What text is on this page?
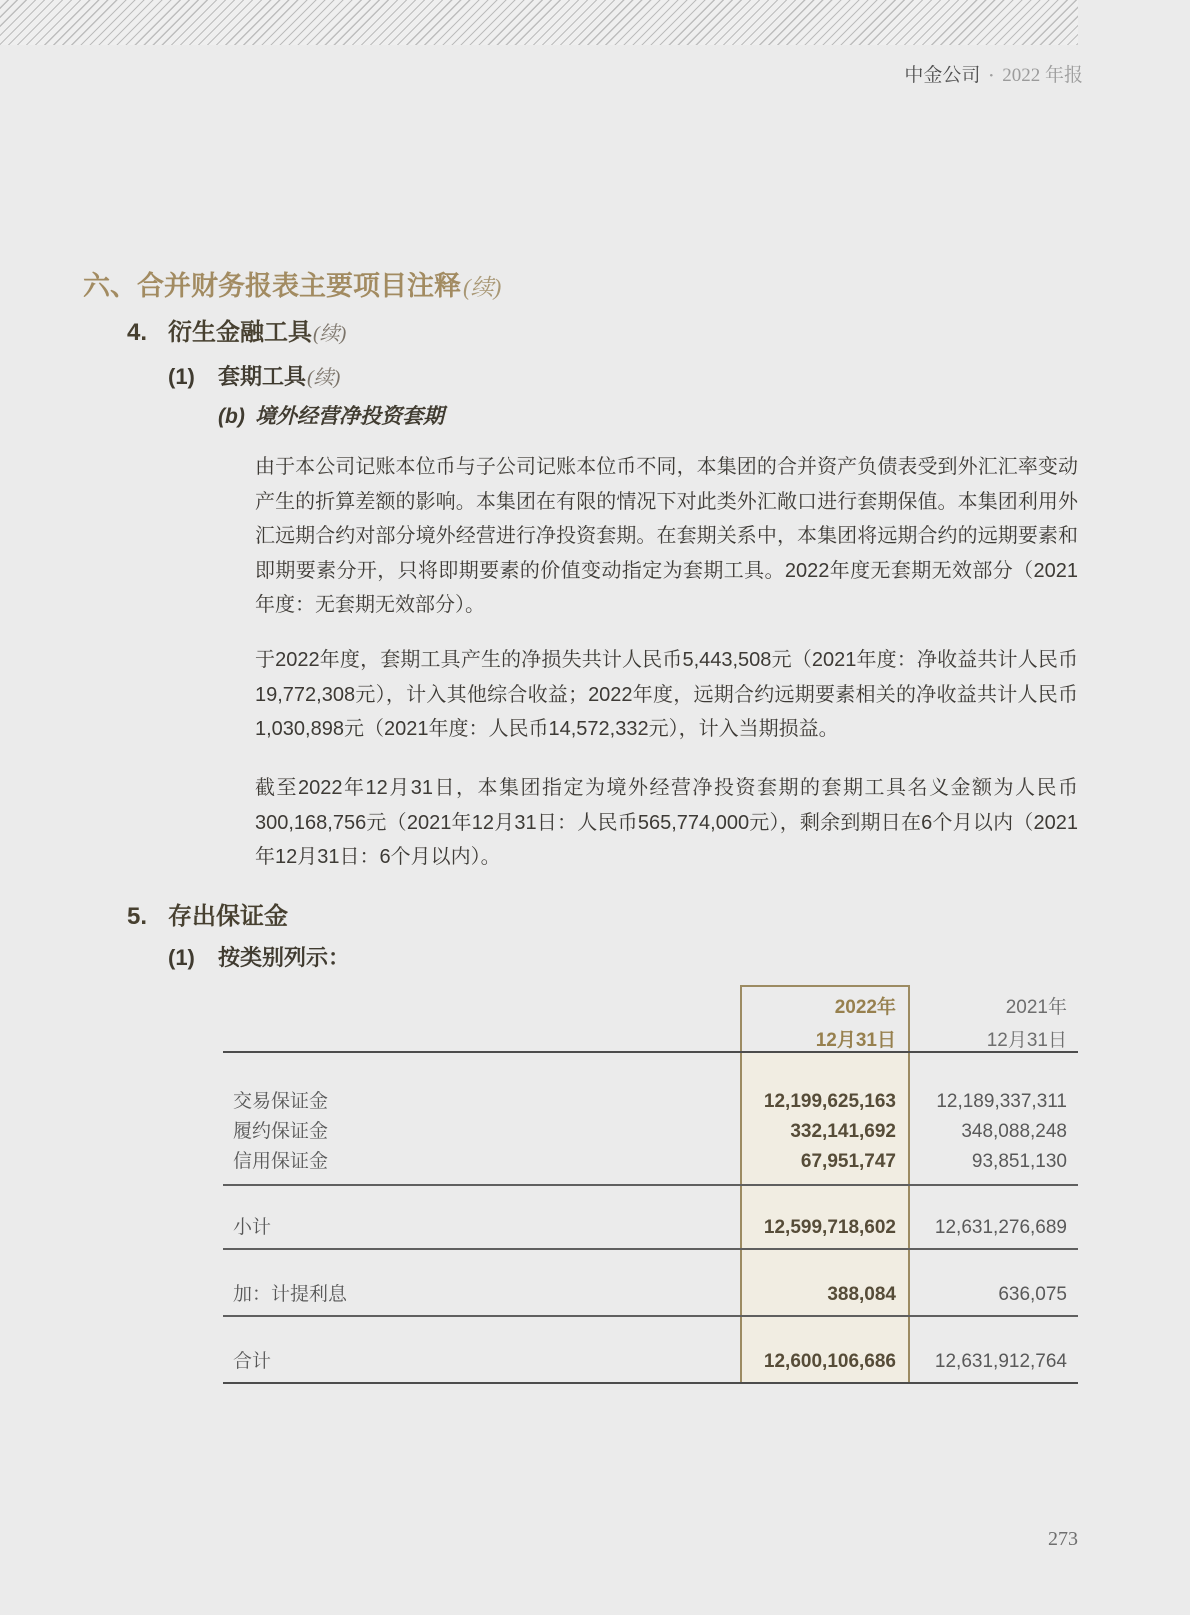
中金公司 • 2022 年报
六、合并财务报表主要项目注释(续)
4. 衍生金融工具(续)
(1) 套期工具(续)
(b) 境外经营净投资套期
由于本公司记账本位币与子公司记账本位币不同，本集团的合并资产负债表受到外汇汇率变动产生的折算差额的影响。本集团在有限的情况下对此类外汇敞口进行套期保值。本集团利用外汇远期合约对部分境外经营进行净投资套期。在套期关系中，本集团将远期合约的远期要素和即期要素分开，只将即期要素的价值变动指定为套期工具。2022年度无套期无效部分（2021年度：无套期无效部分）。
于2022年度，套期工具产生的净损失共计人民币5,443,508元（2021年度：净收益共计人民币19,772,308元），计入其他综合收益；2022年度，远期合约远期要素相关的净收益共计人民币1,030,898元（2021年度：人民币14,572,332元），计入当期损益。
截至2022年12月31日，本集团指定为境外经营净投资套期的套期工具名义金额为人民币300,168,756元（2021年12月31日：人民币565,774,000元），剩余到期日在6个月以内（2021年12月31日：6个月以内）。
5. 存出保证金
(1) 按类别列示：
2022年
12月31日
2021年
12月31日
交易保证金	12,199,625,163	12,189,337,311
履约保证金	332,141,692	348,088,248
信用保证金	67,951,747	93,851,130
小计	12,599,718,602	12,631,276,689
加：计提利息	388,084	636,075
合计	12,600,106,686	12,631,912,764
273
